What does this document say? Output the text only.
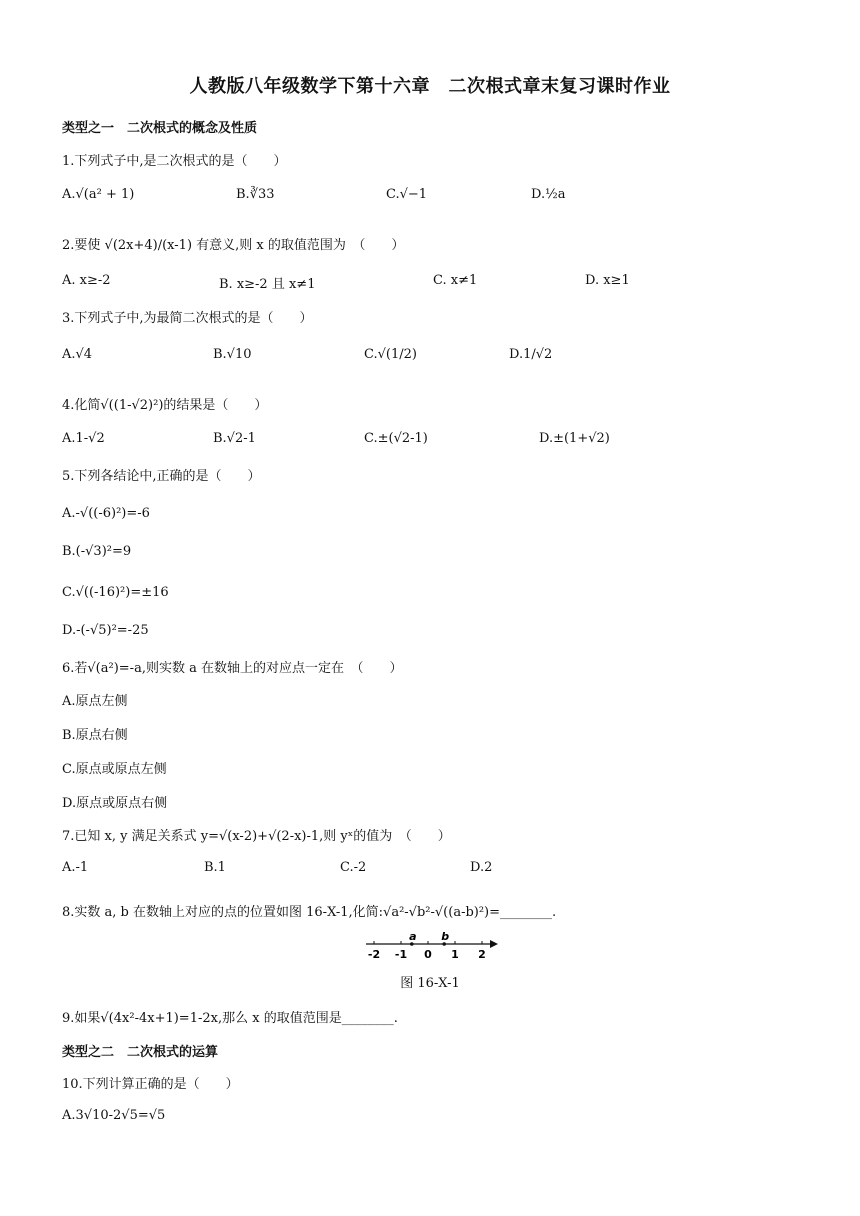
人教版八年级数学下第十六章　二次根式章末复习课时作业
类型之一　二次根式的概念及性质
1.下列式子中,是二次根式的是（　　）
A.√(a² + 1)	B.∛33	C.√−1	D.½a
2.要使 √(2x+4)/(x-1) 有意义,则 x 的取值范围为　（　　）
A. x≥-2	B. x≥-2 且 x≠1	C. x≠1	D. x≥1
3.下列式子中,为最简二次根式的是（　　）
A.√4	B.√10	C.√(1/2)	D.1/√2
4.化简√((1-√2)²)的结果是（　　）
A.1-√2	B.√2-1	C.±(√2-1)	D.±(1+√2)
5.下列各结论中,正确的是（　　）
A.-√((-6)²)=-6
B.(-√3)²=9
C.√((-16)²)=±16
D.-(-√5)²=-25
6.若√(a²)=-a,则实数 a 在数轴上的对应点一定在　（　　）
A.原点左侧
B.原点右侧
C.原点或原点左侧
D.原点或原点右侧
7.已知 x, y 满足关系式 y=√(x-2)+√(2-x)-1,则 yˣ的值为　（　　）
A.-1	B.1	C.-2	D.2
8.实数 a, b 在数轴上对应的点的位置如图 16-X-1,化简:√a²-√b²-√((a-b)²)=________.
-2 -1 0 1 2
a b
图 16-X-1
9.如果√(4x²-4x+1)=1-2x,那么 x 的取值范围是________.
类型之二　二次根式的运算
10.下列计算正确的是（　　）
A.3√10-2√5=√5
